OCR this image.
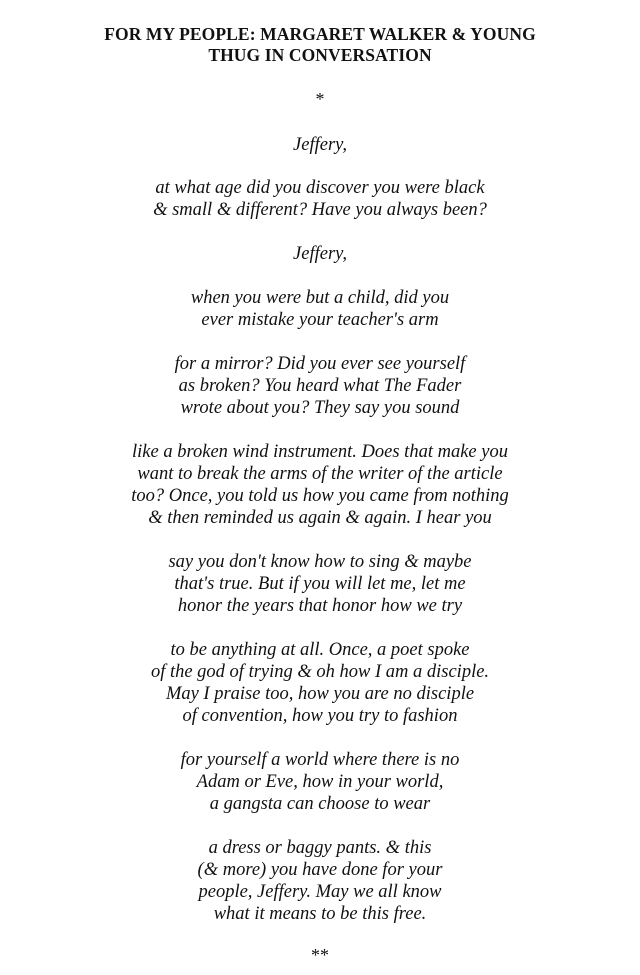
FOR MY PEOPLE: MARGARET WALKER & YOUNG
THUG IN CONVERSATION
*
Jeffery,
at what age did you discover you were black
& small & different? Have you always been?
Jeffery,
when you were but a child, did you
ever mistake your teacher's arm
for a mirror? Did you ever see yourself
as broken? You heard what The Fader
wrote about you? They say you sound
like a broken wind instrument. Does that make you
want to break the arms of the writer of the article
too? Once, you told us how you came from nothing
& then reminded us again & again. I hear you
say you don't know how to sing & maybe
that's true. But if you will let me, let me
honor the years that honor how we try
to be anything at all. Once, a poet spoke
of the god of trying & oh how I am a disciple.
May I praise too, how you are no disciple
of convention, how you try to fashion
for yourself a world where there is no
Adam or Eve, how in your world,
a gangsta can choose to wear
a dress or baggy pants. & this
(& more) you have done for your
people, Jeffery. May we all know
what it means to be this free.
**
